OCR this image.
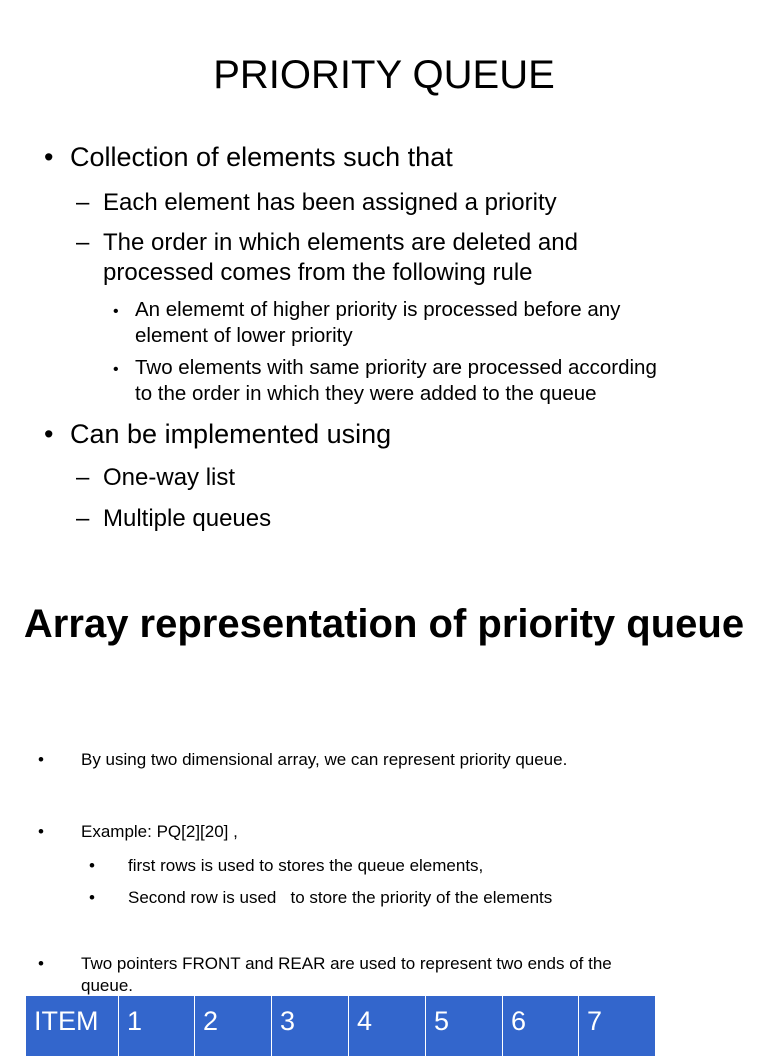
PRIORITY QUEUE
• Collection of elements such that
– Each element has been assigned a priority
– The order in which elements are deleted and
processed comes from the following rule
• An elememt of higher priority is processed before any
element of lower priority
• Two elements with same priority are processed according
to the order in which they were added to the queue
• Can be implemented using
– One-way list
– Multiple queues
Array representation of priority queue
• By using two dimensional array, we can represent priority queue.
• Example: PQ[2][20] ,
• first rows is used to stores the queue elements,
• Second row is used   to store the priority of the elements
• Two pointers FRONT and REAR are used to represent two ends of the
queue.
ITEM	1	2	3	4	5	6	7
